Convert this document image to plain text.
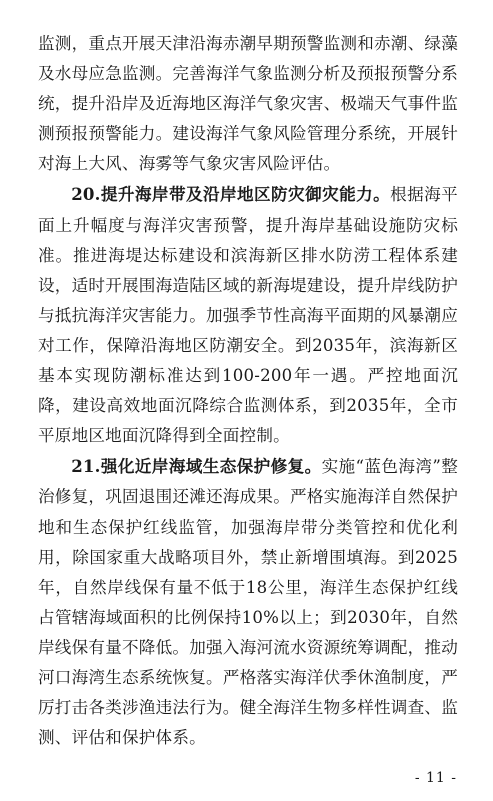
监测，重点开展天津沿海赤潮早期预警监测和赤潮、绿藻及水母应急监测。完善海洋气象监测分析及预报预警分系统，提升沿岸及近海地区海洋气象灾害、极端天气事件监测预报预警能力。建设海洋气象风险管理分系统，开展针对海上大风、海雾等气象灾害风险评估。

20.提升海岸带及沿岸地区防灾御灾能力。根据海平面上升幅度与海洋灾害预警，提升海岸基础设施防灾标准。推进海堤达标建设和滨海新区排水防涝工程体系建设，适时开展围海造陆区域的新海堤建设，提升岸线防护与抵抗海洋灾害能力。加强季节性高海平面期的风暴潮应对工作，保障沿海地区防潮安全。到2035年，滨海新区基本实现防潮标准达到100-200年一遇。严控地面沉降，建设高效地面沉降综合监测体系，到2035年，全市平原地区地面沉降得到全面控制。

21.强化近岸海域生态保护修复。实施“蓝色海湾”整治修复，巩固退围还滩还海成果。严格实施海洋自然保护地和生态保护红线监管，加强海岸带分类管控和优化利用，除国家重大战略项目外，禁止新增围填海。到2025年，自然岸线保有量不低于18公里，海洋生态保护红线占管辖海域面积的比例保持10%以上；到2030年，自然岸线保有量不降低。加强入海河流水资源统筹调配，推动河口海湾生态系统恢复。严格落实海洋伏季休渔制度，严厉打击各类涉渔违法行为。健全海洋生物多样性调查、监测、评估和保护体系。

- 11 -
